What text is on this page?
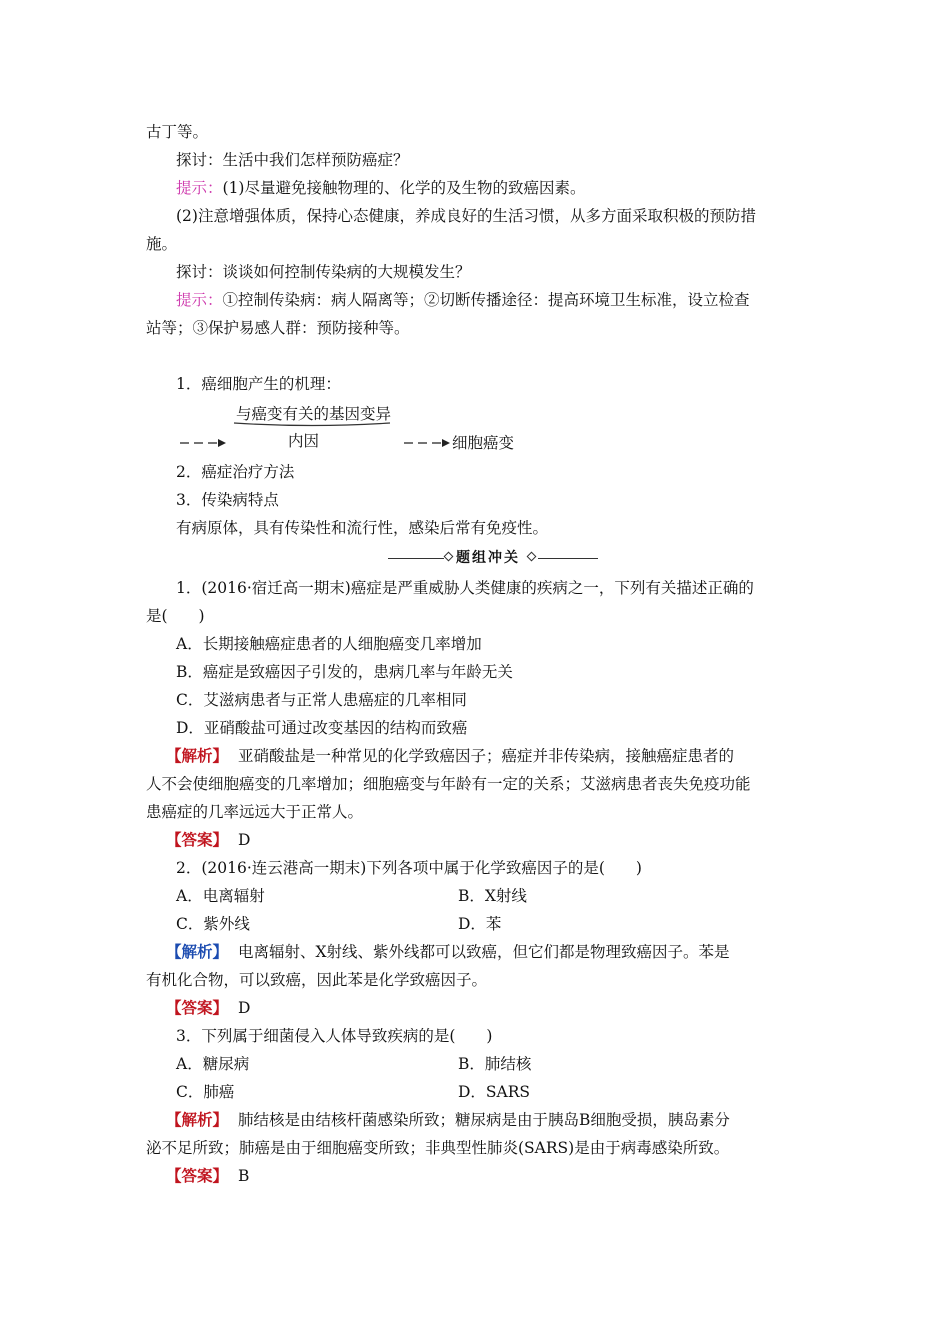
古丁等。
探讨：生活中我们怎样预防癌症？
提示：(1)尽量避免接触物理的、化学的及生物的致癌因素。
(2)注意增强体质，保持心态健康，养成良好的生活习惯，从多方面采取积极的预防措
施。
探讨：谈谈如何控制传染病的大规模发生？
提示：①控制传染病：病人隔离等；②切断传播途径：提高环境卫生标准，设立检查
站等；③保护易感人群：预防接种等。
1．癌细胞产生的机理：
与癌变有关的基因变异
内因	细胞癌变
2．癌症治疗方法
3．传染病特点
有病原体，具有传染性和流行性，感染后常有免疫性。
题组冲关
1．(2016·宿迁高一期末)癌症是严重威胁人类健康的疾病之一，下列有关描述正确的
是(　　)
A．长期接触癌症患者的人细胞癌变几率增加
B．癌症是致癌因子引发的，患病几率与年龄无关
C．艾滋病患者与正常人患癌症的几率相同
D．亚硝酸盐可通过改变基因的结构而致癌
【解析】 亚硝酸盐是一种常见的化学致癌因子；癌症并非传染病，接触癌症患者的
人不会使细胞癌变的几率增加；细胞癌变与年龄有一定的关系；艾滋病患者丧失免疫功能
患癌症的几率远远大于正常人。
【答案】 D
2．(2016·连云港高一期末)下列各项中属于化学致癌因子的是(　　)
A．电离辐射	B．X射线
C．紫外线	D．苯
【解析】 电离辐射、X射线、紫外线都可以致癌，但它们都是物理致癌因子。苯是
有机化合物，可以致癌，因此苯是化学致癌因子。
【答案】 D
3．下列属于细菌侵入人体导致疾病的是(　　)
A．糖尿病	B．肺结核
C．肺癌	D．SARS
【解析】 肺结核是由结核杆菌感染所致；糖尿病是由于胰岛B细胞受损，胰岛素分
泌不足所致；肺癌是由于细胞癌变所致；非典型性肺炎(SARS)是由于病毒感染所致。
【答案】 B
